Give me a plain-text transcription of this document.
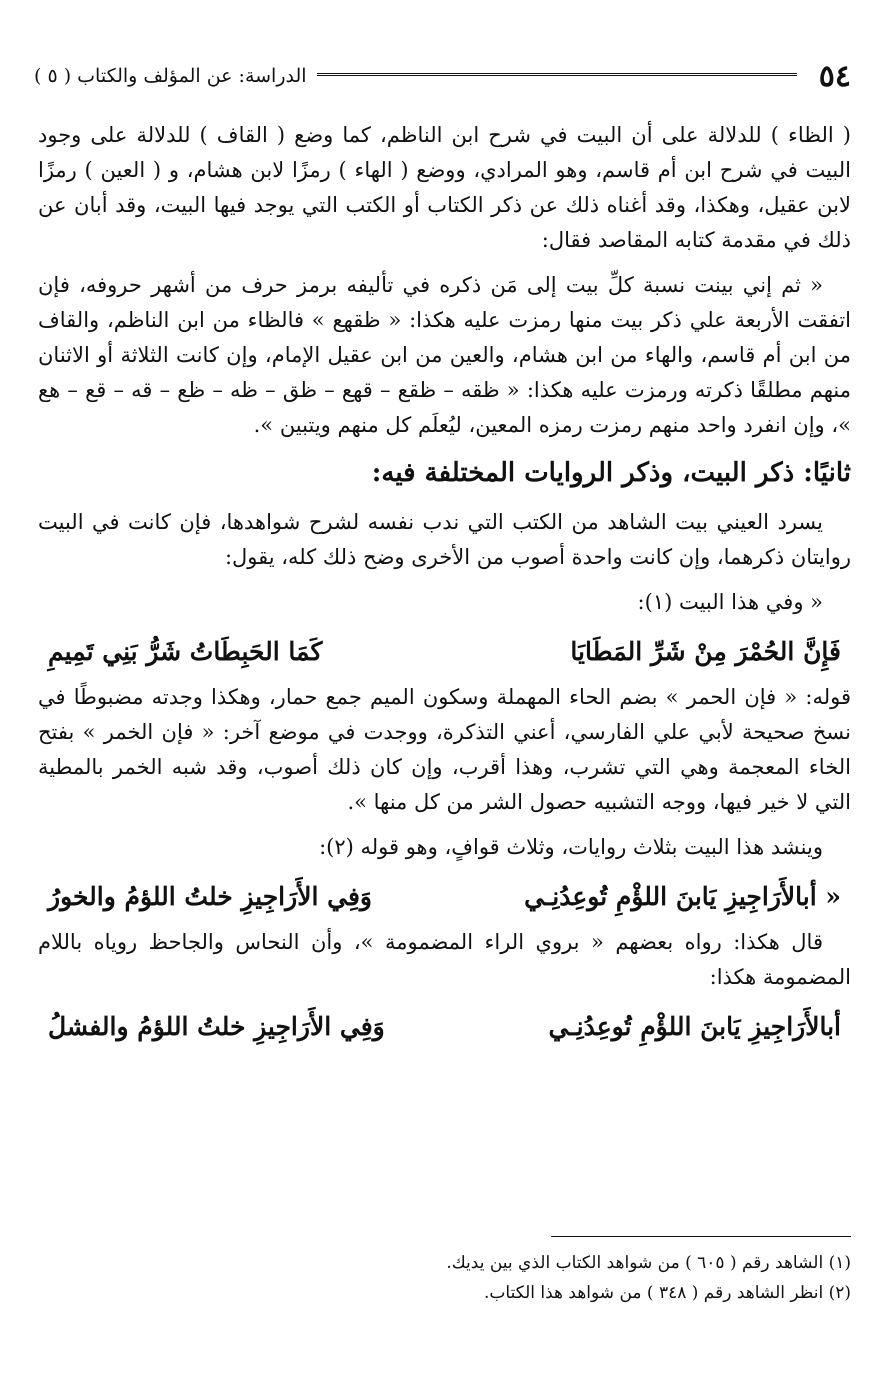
٥٤
الدراسة: عن المؤلف والكتاب ( ٥ )

( الظاء ) للدلالة على أن البيت في شرح ابن الناظم، كما وضع ( القاف ) للدلالة على وجود البيت في شرح ابن أم قاسم، وهو المرادي، ووضع ( الهاء ) رمزًا لابن هشام، و ( العين ) رمزًا لابن عقيل، وهكذا، وقد أغناه ذلك عن ذكر الكتاب أو الكتب التي يوجد فيها البيت، وقد أبان عن ذلك في مقدمة كتابه المقاصد فقال:

« ثم إني بينت نسبة كلِّ بيت إلى مَن ذكره في تأليفه برمز حرف من أشهر حروفه، فإن اتفقت الأربعة علي ذكر بيت منها رمزت عليه هكذا: « ظقهع » فالظاء من ابن الناظم، والقاف من ابن أم قاسم، والهاء من ابن هشام، والعين من ابن عقيل الإمام، وإن كانت الثلاثة أو الاثنان منهم مطلقًا ذكرته ورمزت عليه هكذا: « ظقه – ظقع – قهع – ظق – ظه – ظع – قه – قع – هع »، وإن انفرد واحد منهم رمزت رمزه المعين، ليُعلَم كل منهم ويتبين ».

ثانيًا: ذكر البيت، وذكر الروايات المختلفة فيه:

يسرد العيني بيت الشاهد من الكتب التي ندب نفسه لشرح شواهدها، فإن كانت في البيت روايتان ذكرهما، وإن كانت واحدة أصوب من الأخرى وضح ذلك كله، يقول:

« وفي هذا البيت (١):

فَإِنَّ الحُمْرَ مِنْ شَرِّ المَطَايَا
كَمَا الحَبِطَاتُ شَرُّ بَنِي تَمِيمِ

قوله: « فإن الحمر » بضم الحاء المهملة وسكون الميم جمع حمار، وهكذا وجدته مضبوطًا في نسخ صحيحة لأبي علي الفارسي، أعني التذكرة، ووجدت في موضع آخر: « فإن الخمر » بفتح الخاء المعجمة وهي التي تشرب، وهذا أقرب، وإن كان ذلك أصوب، وقد شبه الخمر بالمطية التي لا خير فيها، ووجه التشبيه حصول الشر من كل منها ».

وينشد هذا البيت بثلاث روايات، وثلاث قوافٍ، وهو قوله (٢):

« أبالأَرَاجِيزِ يَابنَ اللؤْمِ تُوعِدُنِـي
وَفِي الأَرَاجِيزِ خلتُ اللؤمُ والخورُ

قال هكذا: رواه بعضهم « بروي الراء المضمومة »، وأن النحاس والجاحظ روياه باللام المضمومة هكذا:

أبالأَرَاجِيزِ يَابنَ اللؤْمِ تُوعِدُنِـي
وَفِي الأَرَاجِيزِ خلتُ اللؤمُ والفشلُ

(١) الشاهد رقم ( ٦٠٥ ) من شواهد الكتاب الذي بين يديك.

(٢) انظر الشاهد رقم ( ٣٤٨ ) من شواهد هذا الكتاب.
